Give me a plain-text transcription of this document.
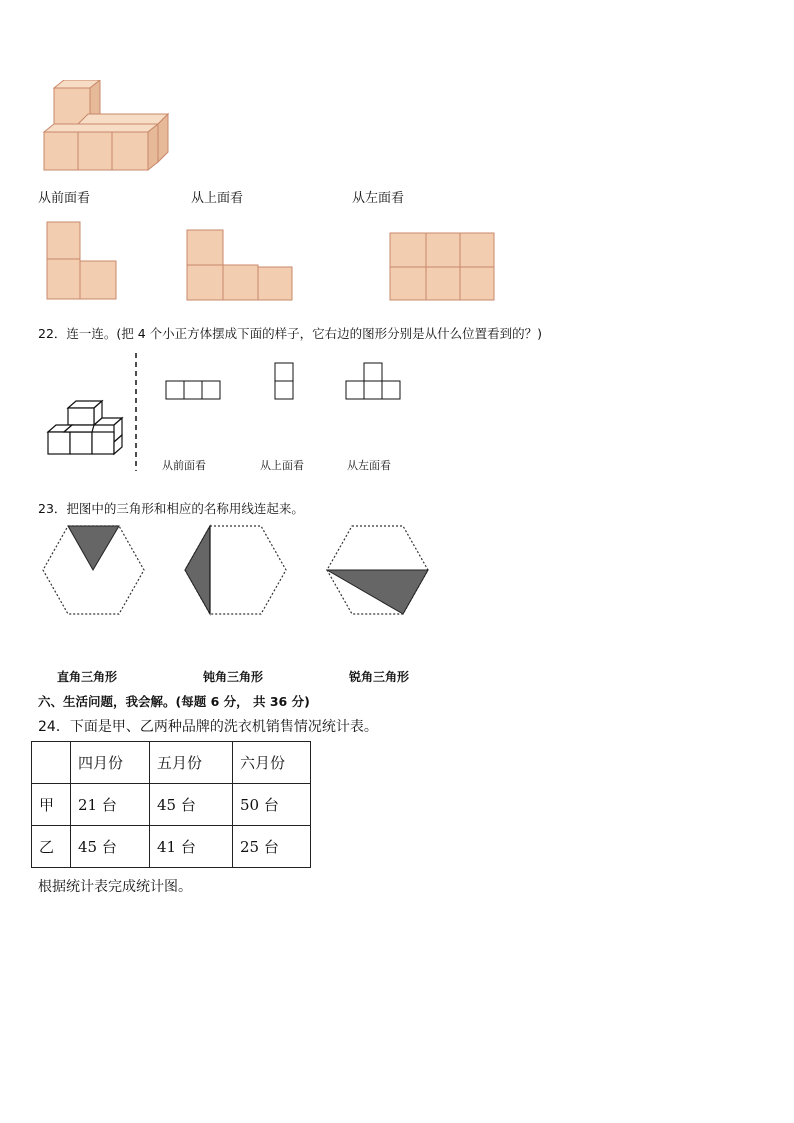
从前面看	从上面看	从左面看
22．连一连。(把 4 个小正方体摆成下面的样子，它右边的图形分别是从什么位置看到的？)
从前面看	从上面看	从左面看
23．把图中的三角形和相应的名称用线连起来。
直角三角形	钝角三角形	锐角三角形
六、生活问题，我会解。(每题 6 分， 共 36 分)
24．下面是甲、乙两种品牌的洗衣机销售情况统计表。
	四月份	五月份	六月份
甲	21 台	45 台	50 台
乙	45 台	41 台	25 台
根据统计表完成统计图。
